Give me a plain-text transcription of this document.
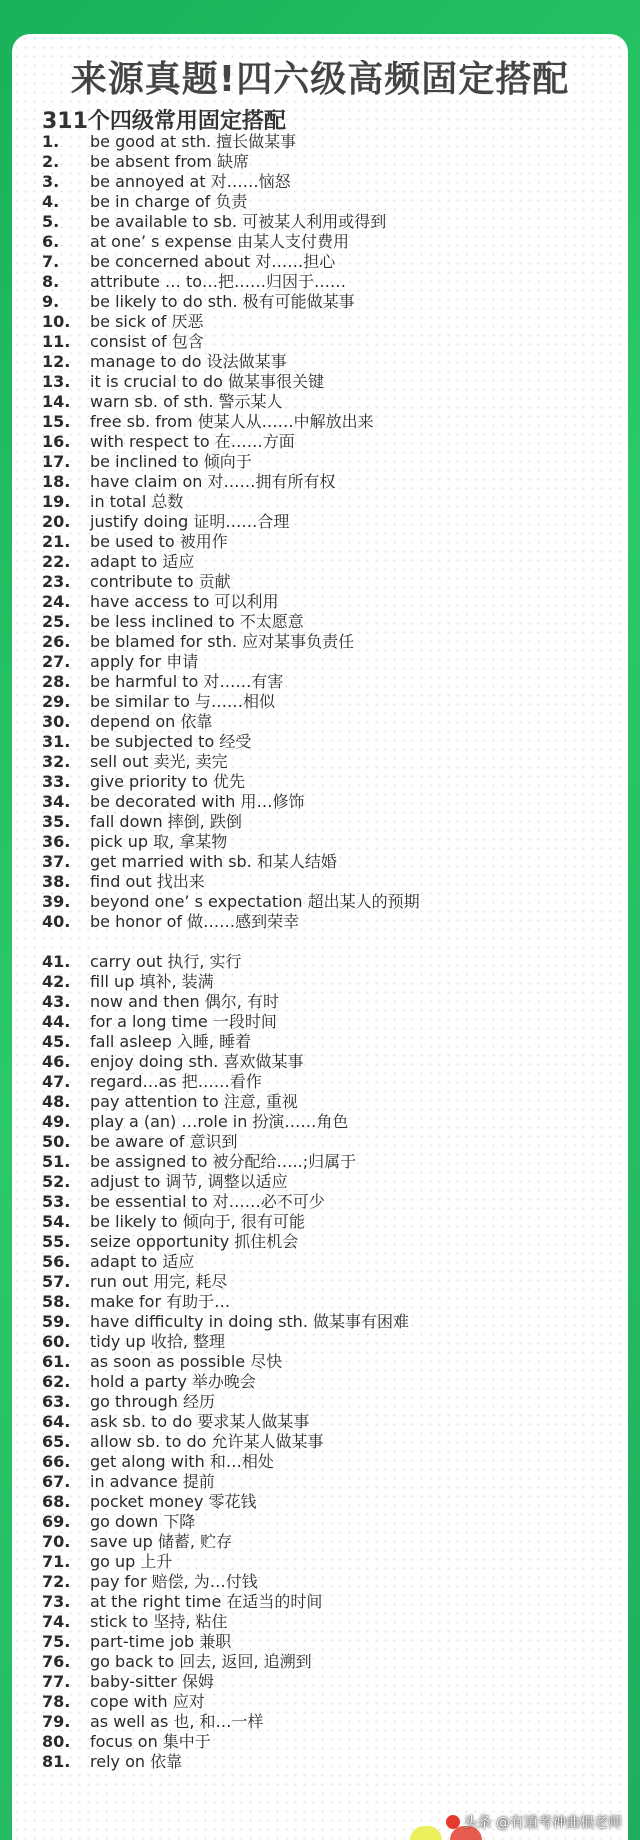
来源真题!四六级高频固定搭配
311个四级常用固定搭配
1.	be good at sth. 擅长做某事
2.	be absent from 缺席
3.	be annoyed at 对……恼怒
4.	be in charge of 负责
5.	be available to sb. 可被某人利用或得到
6.	at one’ s expense 由某人支付费用
7.	be concerned about 对……担心
8.	attribute … to…把……归因于……
9.	be likely to do sth. 极有可能做某事
10.	be sick of 厌恶
11.	consist of 包含
12.	manage to do 设法做某事
13.	it is crucial to do 做某事很关键
14.	warn sb. of sth. 警示某人
15.	free sb. from 使某人从……中解放出来
16.	with respect to 在……方面
17.	be inclined to 倾向于
18.	have claim on 对……拥有所有权
19.	in total 总数
20.	justify doing 证明……合理
21.	be used to 被用作
22.	adapt to 适应
23.	contribute to 贡献
24.	have access to 可以利用
25.	be less inclined to 不太愿意
26.	be blamed for sth. 应对某事负责任
27.	apply for 申请
28.	be harmful to 对……有害
29.	be similar to 与……相似
30.	depend on 依靠
31.	be subjected to 经受
32.	sell out 卖光, 卖完
33.	give priority to 优先
34.	be decorated with 用…修饰
35.	fall down 摔倒, 跌倒
36.	pick up 取, 拿某物
37.	get married with sb. 和某人结婚
38.	find out 找出来
39.	beyond one’ s expectation 超出某人的预期
40.	be honor of 做……感到荣幸
41.	carry out 执行, 实行
42.	fill up 填补, 装满
43.	now and then 偶尔, 有时
44.	for a long time 一段时间
45.	fall asleep 入睡, 睡着
46.	enjoy doing sth. 喜欢做某事
47.	regard…as 把……看作
48.	pay attention to 注意, 重视
49.	play a (an) …role in 扮演……角色
50.	be aware of 意识到
51.	be assigned to 被分配给…..;归属于
52.	adjust to 调节, 调整以适应
53.	be essential to 对……必不可少
54.	be likely to 倾向于, 很有可能
55.	seize opportunity 抓住机会
56.	adapt to 适应
57.	run out 用完, 耗尽
58.	make for 有助于…
59.	have difficulty in doing sth. 做某事有困难
60.	tidy up 收拾, 整理
61.	as soon as possible 尽快
62.	hold a party 举办晚会
63.	go through 经历
64.	ask sb. to do 要求某人做某事
65.	allow sb. to do 允许某人做某事
66.	get along with 和…相处
67.	in advance 提前
68.	pocket money 零花钱
69.	go down 下降
70.	save up 储蓄, 贮存
71.	go up 上升
72.	pay for 赔偿, 为…付钱
73.	at the right time 在适当的时间
74.	stick to 坚持, 粘住
75.	part-time job 兼职
76.	go back to 回去, 返回, 追溯到
77.	baby-sitter 保姆
78.	cope with 应对
79.	as well as 也, 和…一样
80.	focus on 集中于
81.	rely on 依靠
头条 @有道考神曲根老师
